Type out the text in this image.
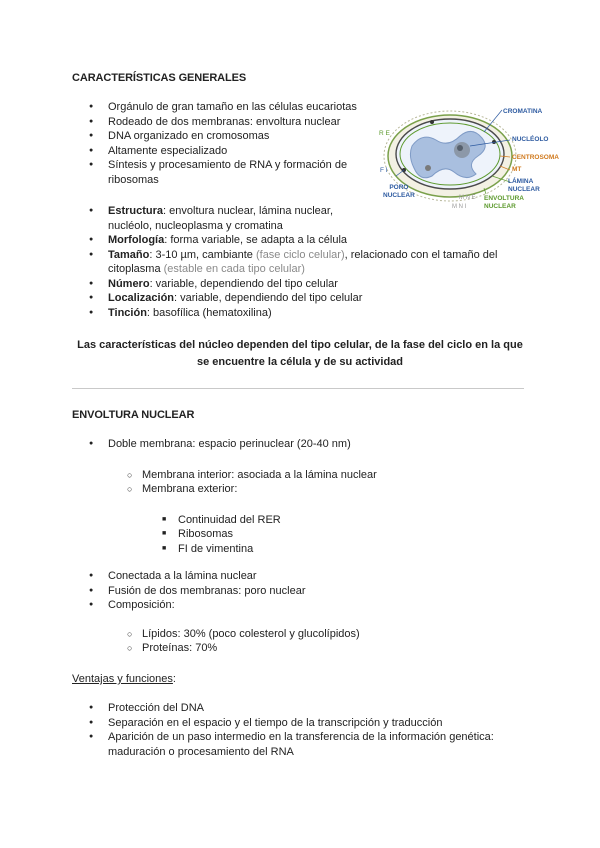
CARACTERÍSTICAS GENERALES
● Orgánulo de gran tamaño en las células eucariotas
● Rodeado de dos membranas: envoltura nuclear
● DNA organizado en cromosomas
● Altamente especializado
● Síntesis y procesamiento de RNA y formación de
ribosomas
● Estructura: envoltura nuclear, lámina nuclear,
nucléolo, nucleoplasma y cromatina
● Morfología: forma variable, se adapta a la célula
● Tamaño: 3-10 µm, cambiante (fase ciclo celular), relacionado con el tamaño del
citoplasma (estable en cada tipo celular)
● Número: variable, dependiendo del tipo celular
● Localización: variable, dependiendo del tipo celular
● Tinción: basofílica (hematoxilina)
Las características del núcleo dependen del tipo celular, de la fase del ciclo en la que
se encuentre la célula y de su actividad
CROMATINA
NUCLÉOLO
CENTROSOMA
MT
LÁMINA
NUCLEAR
ENVOLTURA
NUCLEAR
R E
F I
PORO
NUCLEAR	M N E
M N I
ENVOLTURA NUCLEAR
● Doble membrana: espacio perinuclear (20-40 nm)
○ Membrana interior: asociada a la lámina nuclear
○ Membrana exterior:
■ Continuidad del RER
■ Ribosomas
■ FI de vimentina
● Conectada a la lámina nuclear
● Fusión de dos membranas: poro nuclear
● Composición:
○ Lípidos: 30% (poco colesterol y glucolípidos)
○ Proteínas: 70%
Ventajas y funciones:
● Protección del DNA
● Separación en el espacio y el tiempo de la transcripción y traducción
● Aparición de un paso intermedio en la transferencia de la información genética:
maduración o procesamiento del RNA
